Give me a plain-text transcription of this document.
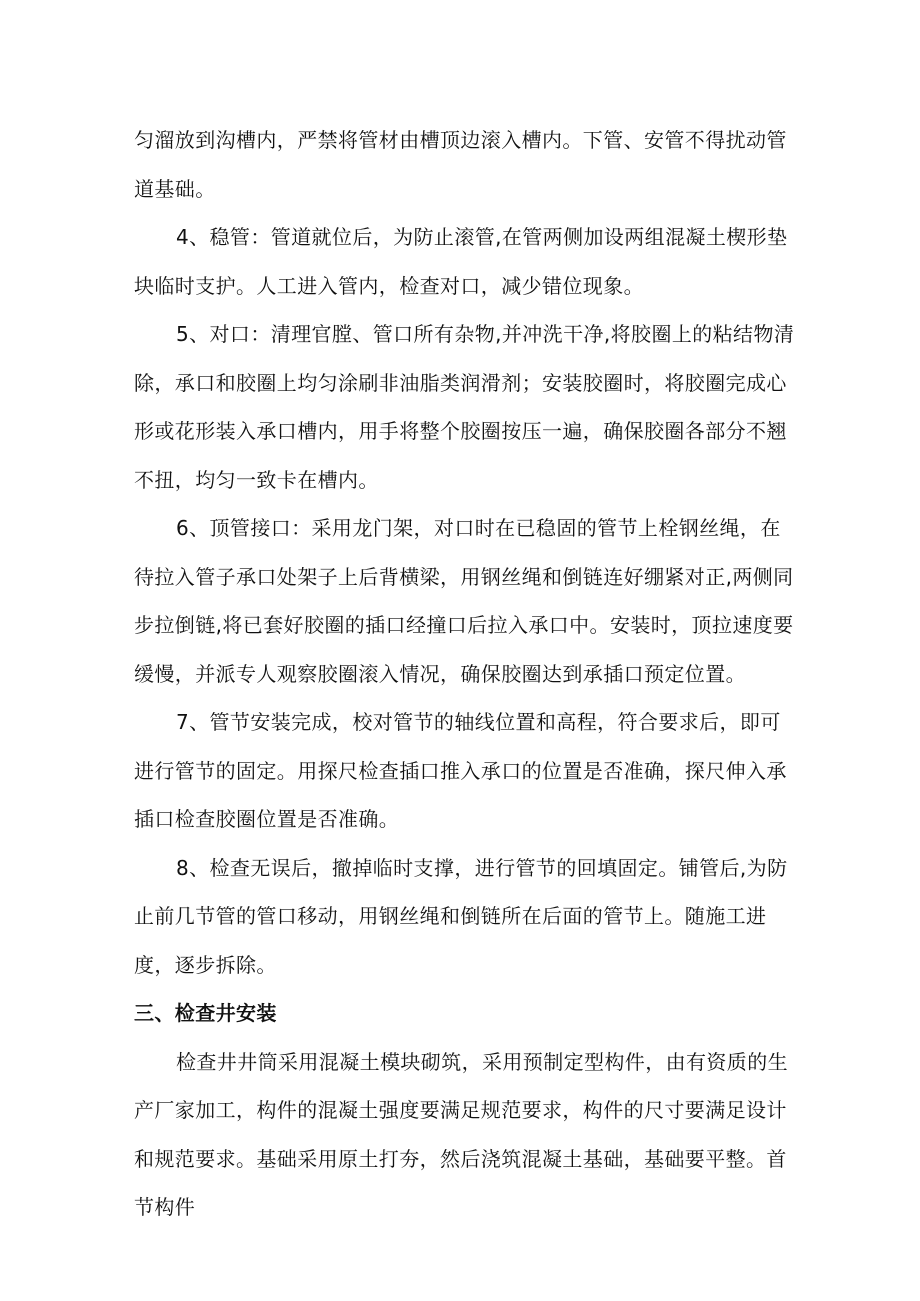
匀溜放到沟槽内，严禁将管材由槽顶边滚入槽内。下管、安管不得扰动管道基础。

4、稳管：管道就位后，为防止滚管,在管两侧加设两组混凝土楔形垫块临时支护。人工进入管内，检查对口，减少错位现象。

5、对口：清理官膛、管口所有杂物,并冲洗干净,将胶圈上的粘结物清除，承口和胶圈上均匀涂刷非油脂类润滑剂；安装胶圈时，将胶圈完成心形或花形装入承口槽内，用手将整个胶圈按压一遍，确保胶圈各部分不翘不扭，均匀一致卡在槽内。

6、顶管接口：采用龙门架，对口时在已稳固的管节上栓钢丝绳，在待拉入管子承口处架子上后背横梁，用钢丝绳和倒链连好绷紧对正,两侧同步拉倒链,将已套好胶圈的插口经撞口后拉入承口中。安装时，顶拉速度要缓慢，并派专人观察胶圈滚入情况，确保胶圈达到承插口预定位置。

7、管节安装完成，校对管节的轴线位置和高程，符合要求后，即可进行管节的固定。用探尺检查插口推入承口的位置是否准确，探尺伸入承插口检查胶圈位置是否准确。

8、检查无误后，撤掉临时支撑，进行管节的回填固定。铺管后,为防止前几节管的管口移动，用钢丝绳和倒链所在后面的管节上。随施工进度，逐步拆除。

三、检查井安装

检查井井筒采用混凝土模块砌筑，采用预制定型构件，由有资质的生产厂家加工，构件的混凝土强度要满足规范要求，构件的尺寸要满足设计和规范要求。基础采用原土打夯，然后浇筑混凝土基础，基础要平整。首节构件
